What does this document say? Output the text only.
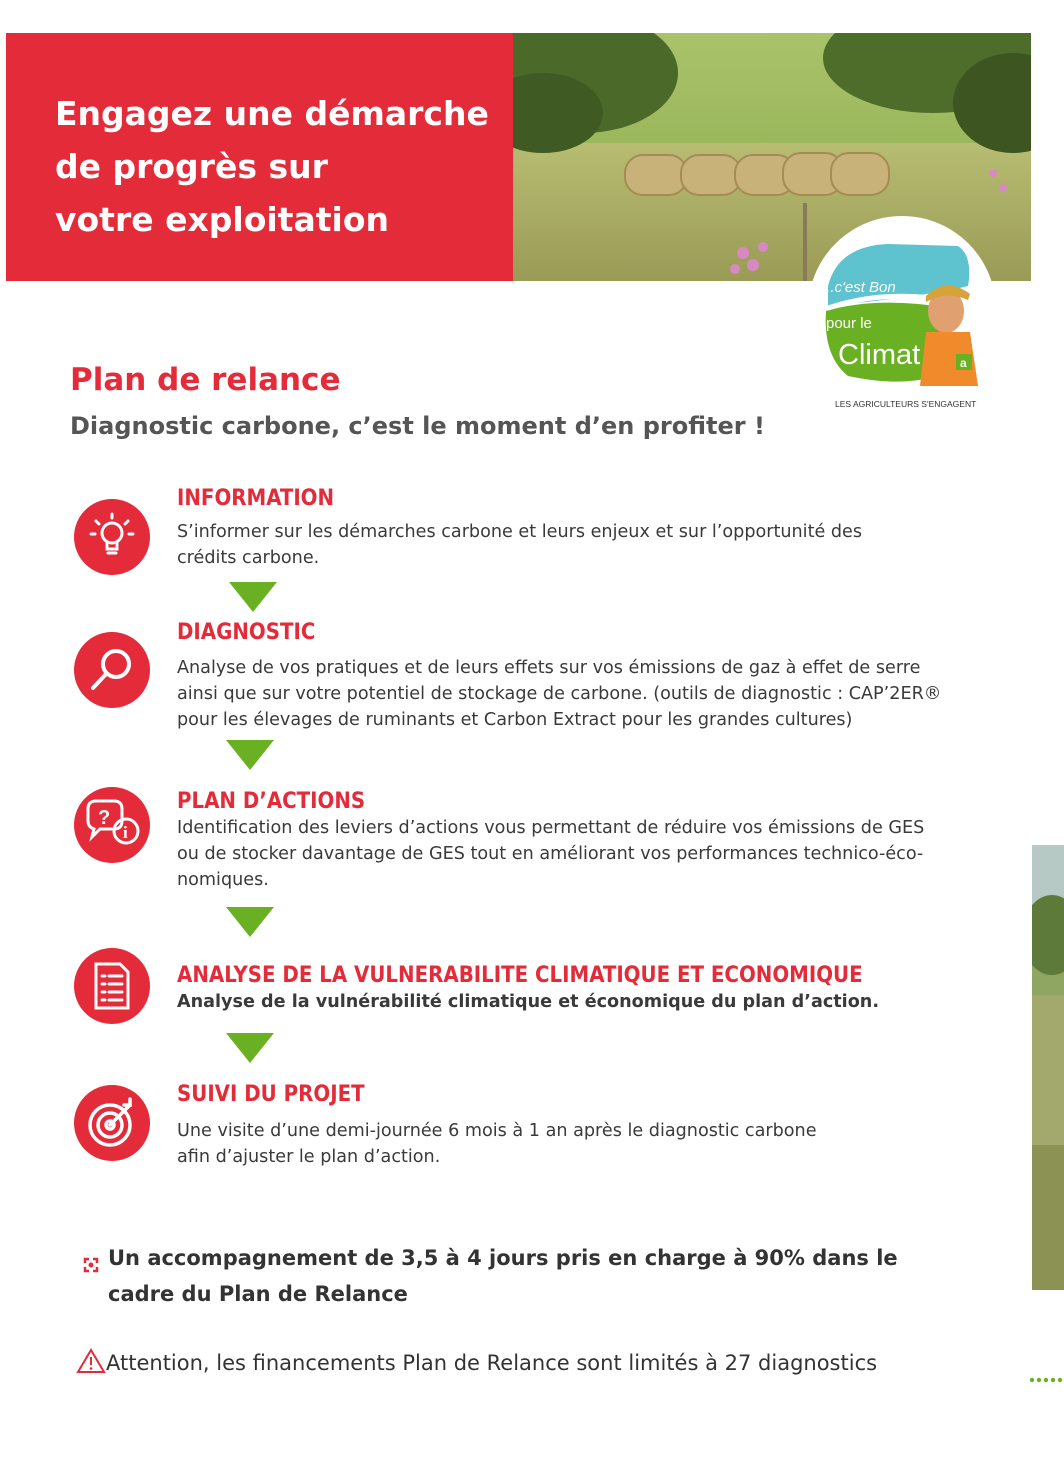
Engagez une démarche
de progrès sur
votre exploitation
...c'est Bon
pour le
Climat	a
LES AGRICULTEURS S'ENGAGENT
Plan de relance

Diagnostic carbone, c’est le moment d’en profiter !

INFORMATION

S’informer sur les démarches carbone et leurs enjeux et sur l’opportunité des
crédits carbone.

DIAGNOSTIC

Analyse de vos pratiques et de leurs effets sur vos émissions de gaz à effet de serre
ainsi que sur votre potentiel de stockage de carbone. (outils de diagnostic : CAP’2ER®
pour les élevages de ruminants et Carbon Extract pour les grandes cultures)

?
i
PLAN D’ACTIONS

Identification des leviers d’actions vous permettant de réduire vos émissions de GES
ou de stocker davantage de GES tout en améliorant vos performances technico-éco-
nomiques.

ANALYSE DE LA VULNERABILITE CLIMATIQUE ET ECONOMIQUE

Analyse de la vulnérabilité climatique et économique du plan d’action.

SUIVI DU PROJET

Une visite d’une demi-journée 6 mois à 1 an après le diagnostic carbone
afin d’ajuster le plan d’action.

Un accompagnement de 3,5 à 4 jours pris en charge à 90% dans le cadre du Plan de Relance

Attention, les financements Plan de Relance sont limités à 27 diagnostics
